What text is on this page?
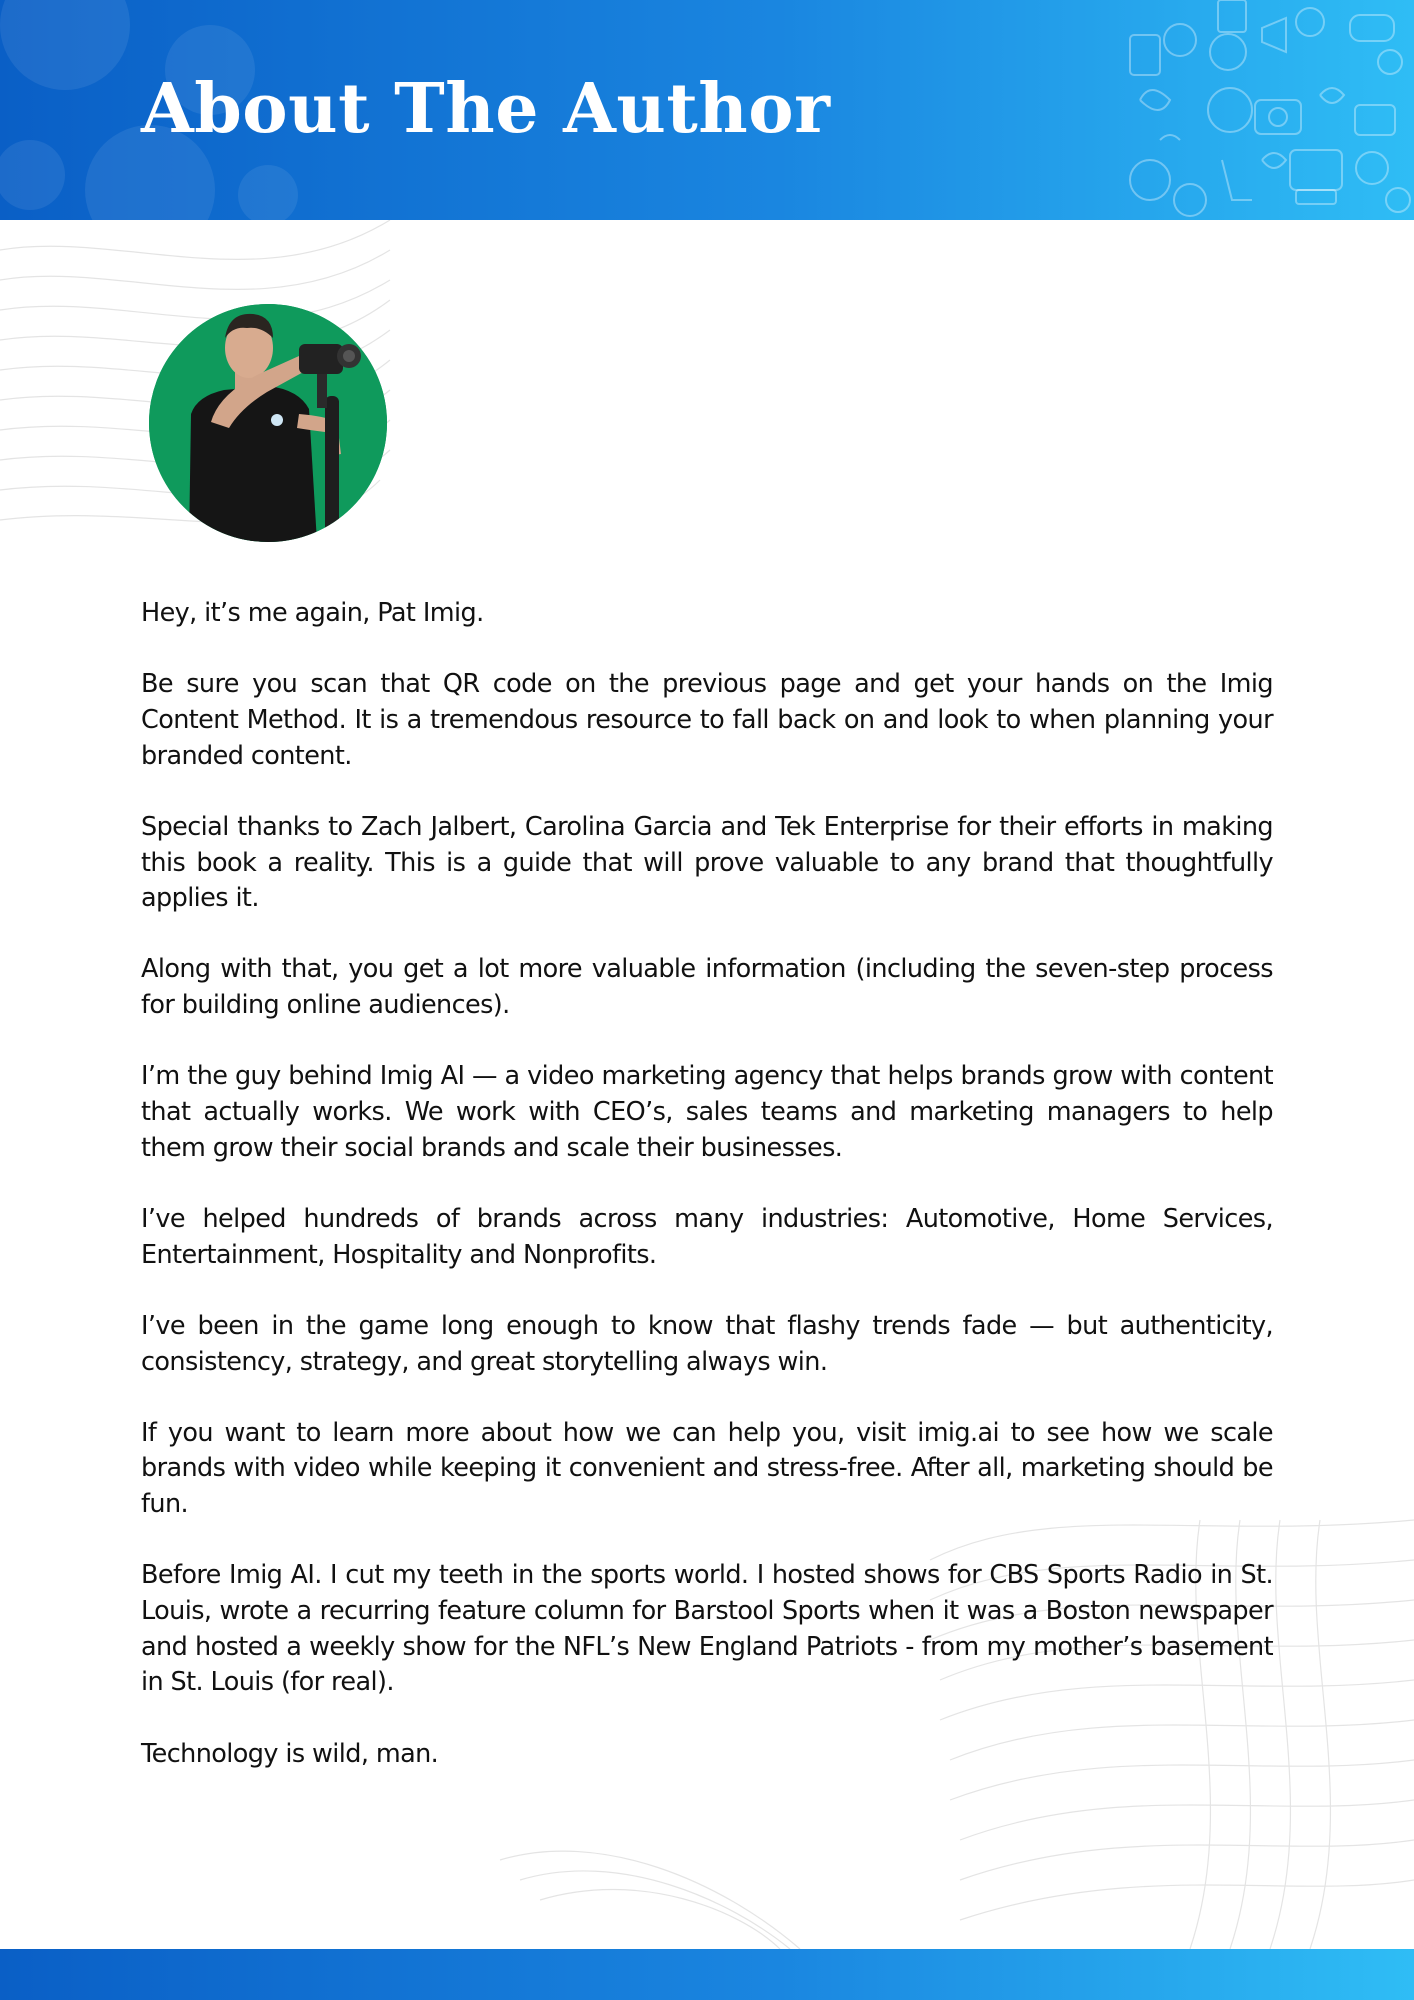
About The Author

Hey, it’s me again, Pat Imig.

Be sure you scan that QR code on the previous page and get your hands on the Imig Content Method. It is a tremendous resource to fall back on and look to when planning your branded content.

Special thanks to Zach Jalbert, Carolina Garcia and Tek Enterprise for their efforts in making this book a reality. This is a guide that will prove valuable to any brand that thoughtfully applies it.

Along with that, you get a lot more valuable information (including the seven-step process for building online audiences).

I’m the guy behind Imig AI — a video marketing agency that helps brands grow with content that actually works. We work with CEO’s, sales teams and marketing managers to help them grow their social brands and scale their businesses.

I’ve helped hundreds of brands across many industries: Automotive, Home Services, Entertainment, Hospitality and Nonprofits.

I’ve been in the game long enough to know that flashy trends fade — but authenticity, consistency, strategy, and great storytelling always win.

If you want to learn more about how we can help you, visit imig.ai to see how we scale brands with video while keeping it convenient and stress-free. After all, marketing should be fun.

Before Imig AI. I cut my teeth in the sports world. I hosted shows for CBS Sports Radio in St. Louis, wrote a recurring feature column for Barstool Sports when it was a Boston newspaper and hosted a weekly show for the NFL’s New England Patriots - from my mother’s basement in St. Louis (for real).

Technology is wild, man.
